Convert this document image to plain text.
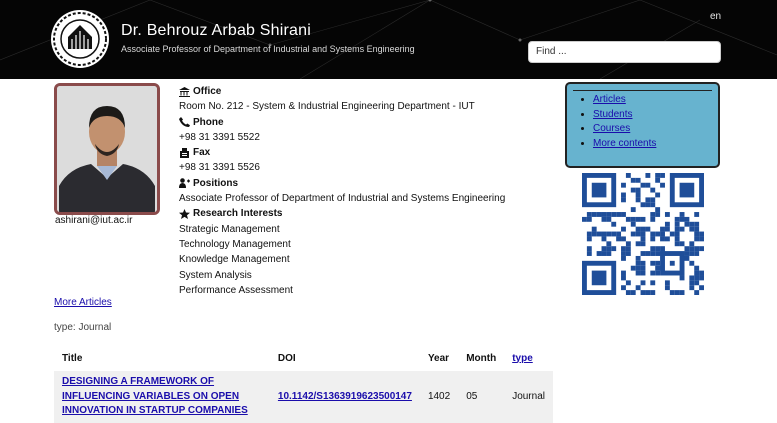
Dr. Behrouz Arbab Shirani
Associate Professor of Department of Industrial and Systems Engineering
en
Find ...
ashirani@iut.ac.ir
Office
Room No. 212 - System & Industrial Engineering Department - IUT
Phone
+98 31 3391 5522
Fax
+98 31 3391 5526
Positions
Associate Professor of Department of Industrial and Systems Engineering
Research Interests
Strategic Management
Technology Management
Knowledge Management
System Analysis
Performance Assessment
• Articles
• Students
• Courses
• More contents
More Articles
type: Journal
Title	DOI	Year	Month	type
DESIGNING A FRAMEWORK OF INFLUENCING VARIABLES ON OPEN INNOVATION IN STARTUP COMPANIES	10.1142/S1363919623500147	1402	05	Journal
